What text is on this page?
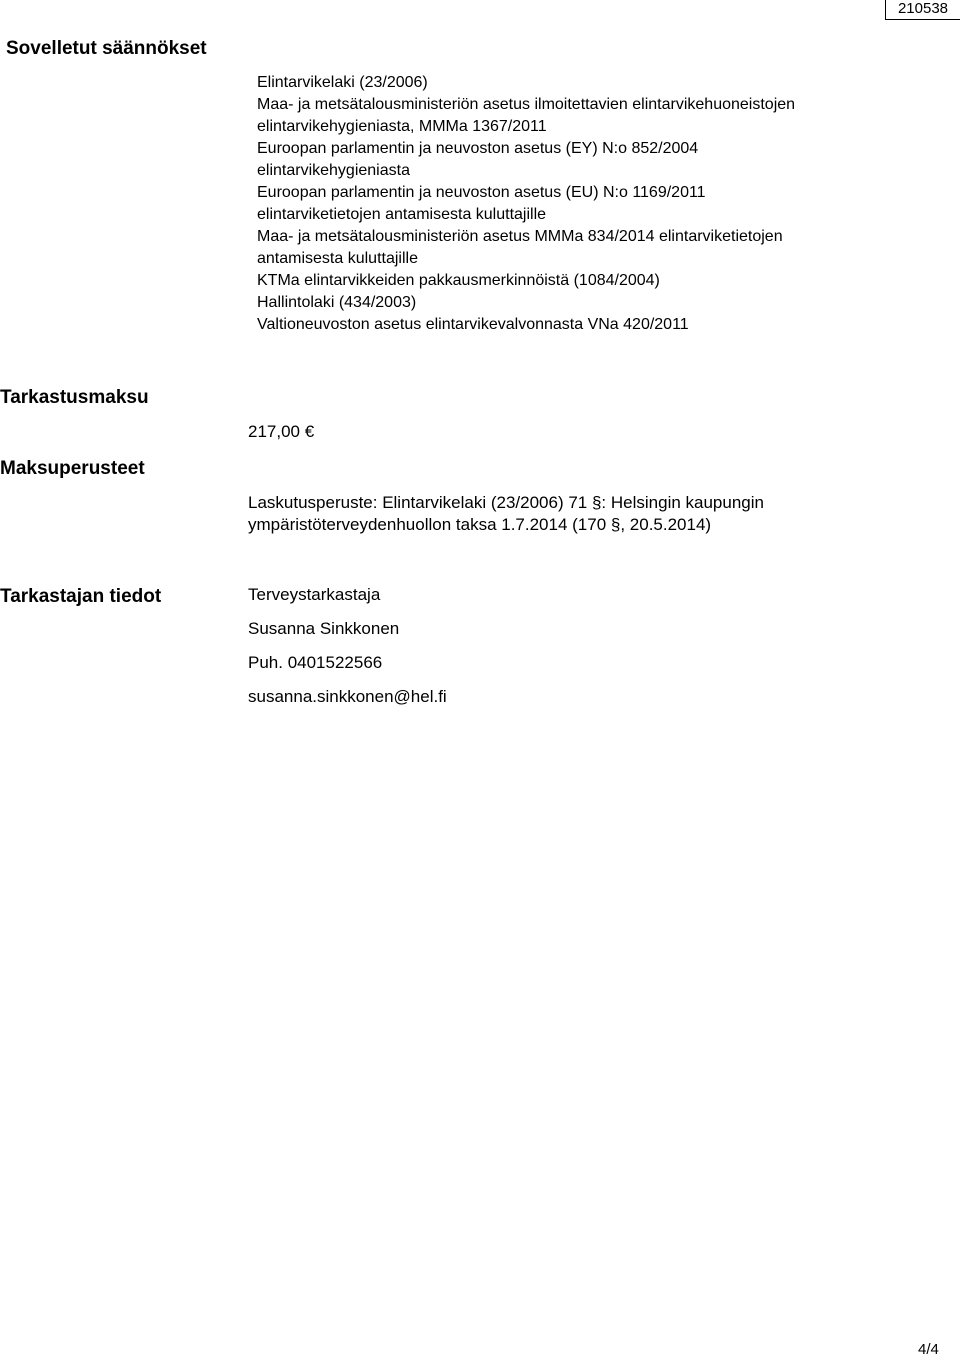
210538
Sovelletut säännökset
Elintarvikelaki (23/2006)
Maa- ja metsätalousministeriön asetus ilmoitettavien elintarvikehuoneistojen
elintarvikehygieniasta, MMMa 1367/2011
Euroopan parlamentin ja neuvoston asetus (EY) N:o 852/2004
elintarvikehygieniasta
Euroopan parlamentin ja neuvoston asetus (EU) N:o 1169/2011
elintarviketietojen antamisesta kuluttajille
Maa- ja metsätalousministeriön asetus MMMa 834/2014 elintarviketietojen
antamisesta kuluttajille
KTMa elintarvikkeiden pakkausmerkinnöistä (1084/2004)
Hallintolaki (434/2003)
Valtioneuvoston asetus elintarvikevalvonnasta VNa 420/2011
Tarkastusmaksu
217,00 €
Maksuperusteet
Laskutusperuste: Elintarvikelaki (23/2006) 71 §: Helsingin kaupungin
ympäristöterveydenhuollon taksa 1.7.2014 (170 §, 20.5.2014)
Tarkastajan tiedot	Terveystarkastaja
Susanna Sinkkonen
Puh. 0401522566
susanna.sinkkonen@hel.fi
4/4
